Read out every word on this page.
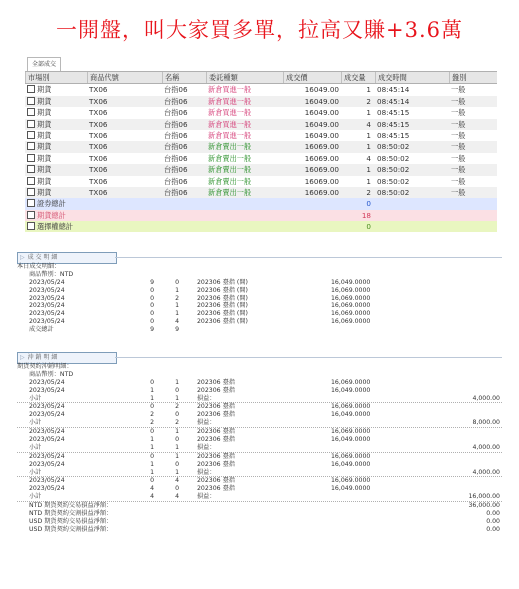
一開盤，叫大家買多單，拉高又賺+3.6萬
全部成交
市場別	商品代號	名稱	委託種類	成交價	成交量	成交時間	盤別
期貨	TX06	台指06	新倉買進一般	16049.00	1 08:45:14	一般
期貨	TX06	台指06	新倉買進一般	16049.00	2 08:45:14	一般
期貨	TX06	台指06	新倉買進一般	16049.00	1 08:45:15	一般
期貨	TX06	台指06	新倉買進一般	16049.00	4 08:45:15	一般
期貨	TX06	台指06	新倉買進一般	16049.00	1 08:45:15	一般
期貨	TX06	台指06	新倉賣出一般	16069.00	1 08:50:02	一般
期貨	TX06	台指06	新倉賣出一般	16069.00	4 08:50:02	一般
期貨	TX06	台指06	新倉賣出一般	16069.00	1 08:50:02	一般
期貨	TX06	台指06	新倉賣出一般	16069.00	1 08:50:02	一般
期貨	TX06	台指06	新倉賣出一般	16069.00	2 08:50:02	一般
證券總計	0
期貨總計	18
選擇權總計	0
▷ 成 交 明 細
本日成交明細：
商品幣別：NTD
2023/05/24	9	0	202306 臺指 (開)	16,049.0000
2023/05/24	0	1	202306 臺指 (開)	16,069.0000
2023/05/24	0	2	202306 臺指 (開)	16,069.0000
2023/05/24	0	1	202306 臺指 (開)	16,069.0000
2023/05/24	0	1	202306 臺指 (開)	16,069.0000
2023/05/24	0	4	202306 臺指 (開)	16,069.0000
成交總計	9	9
▷ 沖 銷 明 細
期貨契約沖銷明細：
商品幣別：NTD
2023/05/24	0	1	202306 臺指	16,069.0000
2023/05/24	1	0	202306 臺指	16,049.0000
小計	1	1	損益：	4,000.00
2023/05/24	0	2	202306 臺指	16,069.0000
2023/05/24	2	0	202306 臺指	16,049.0000
小計	2	2	損益：	8,000.00
2023/05/24	0	1	202306 臺指	16,069.0000
2023/05/24	1	0	202306 臺指	16,049.0000
小計	1	1	損益：	4,000.00
2023/05/24	0	1	202306 臺指	16,069.0000
2023/05/24	1	0	202306 臺指	16,049.0000
小計	1	1	損益：	4,000.00
2023/05/24	0	4	202306 臺指	16,069.0000
2023/05/24	4	0	202306 臺指	16,049.0000
小計	4	4	損益：	16,000.00
NTD 期貨契約交易損益淨額：	36,000.00
NTD 期貨契約交割損益淨額：	0.00
USD 期貨契約交易損益淨額：	0.00
USD 期貨契約交割損益淨額：	0.00
